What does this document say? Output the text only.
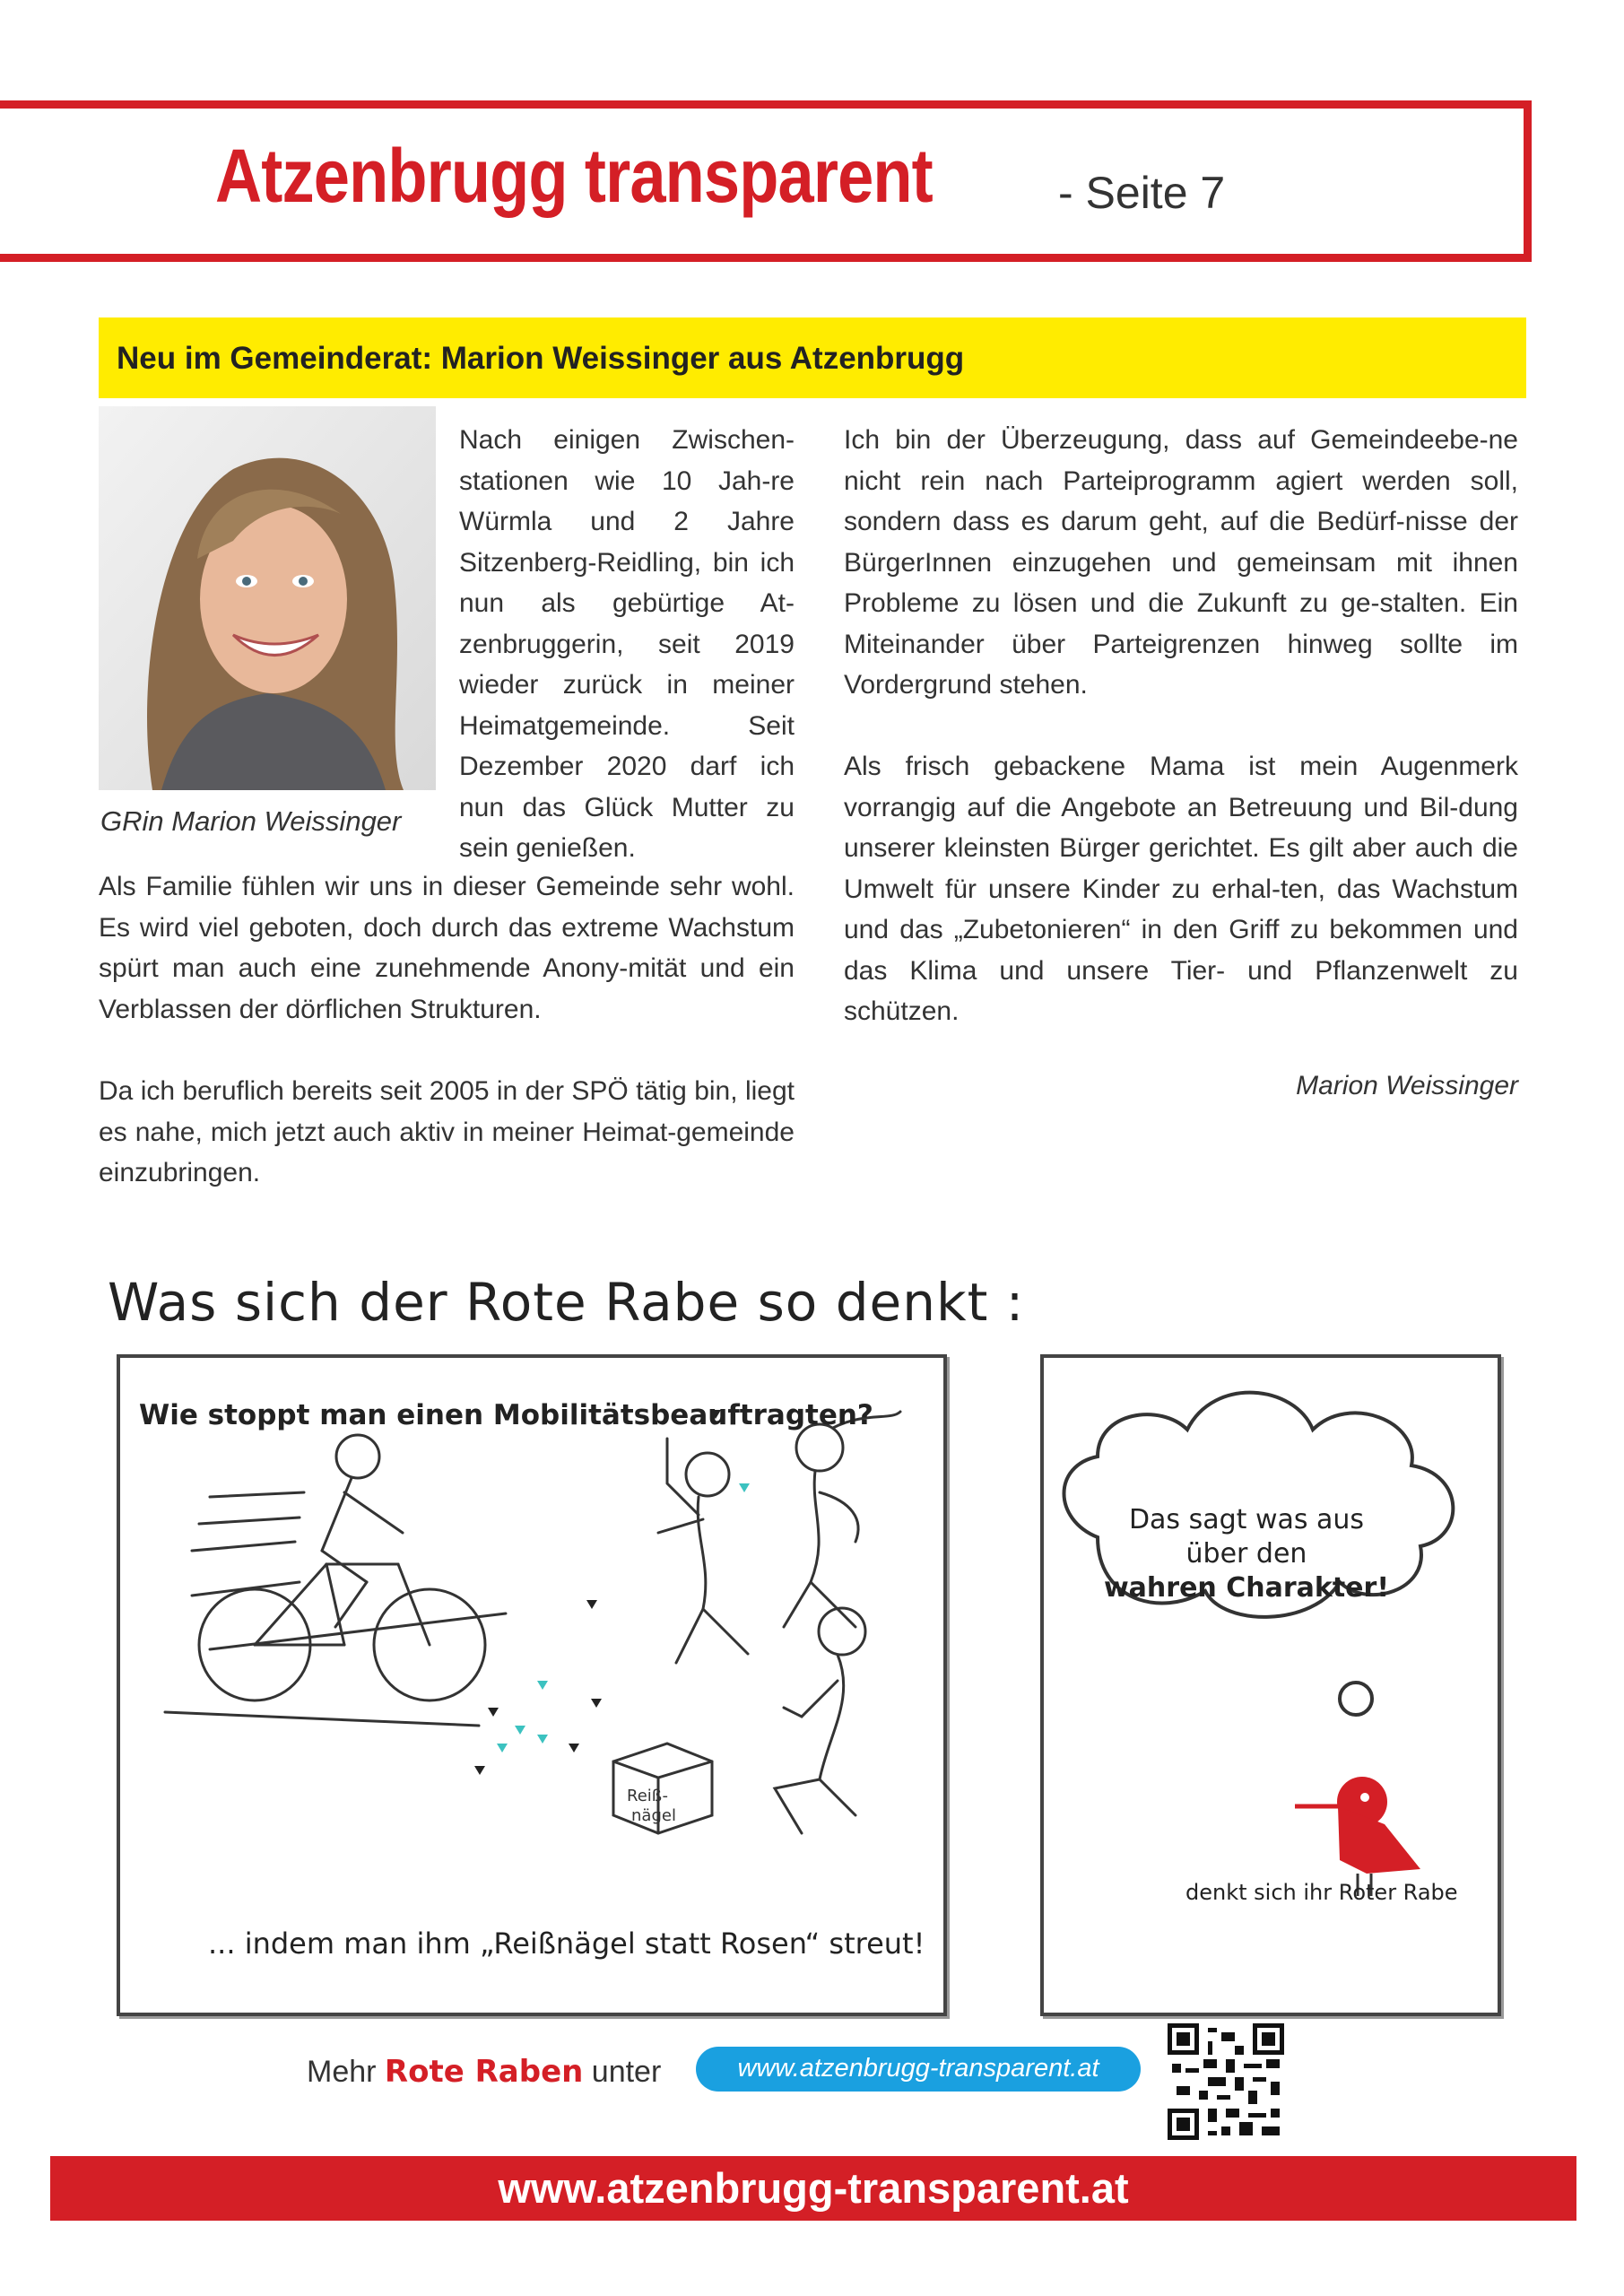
Atzenbrugg transparent	- Seite 7
Neu im Gemeinderat: Marion Weissinger aus Atzenbrugg
GRin Marion Weissinger

Nach einigen Zwischen-stationen wie 10 Jah-re Würmla und 2 Jahre Sitzenberg-Reidling, bin ich nun als gebürtige At-zenbruggerin, seit 2019 wieder zurück in meiner Heimatgemeinde. Seit Dezember 2020 darf ich nun das Glück Mutter zu sein genießen.

Als Familie fühlen wir uns in dieser Gemeinde sehr wohl. Es wird viel geboten, doch durch das extreme Wachstum spürt man auch eine zunehmende Anony-mität und ein Verblassen der dörflichen Strukturen.

Da ich beruflich bereits seit 2005 in der SPÖ tätig bin, liegt es nahe, mich jetzt auch aktiv in meiner Heimat-gemeinde einzubringen.

Ich bin der Überzeugung, dass auf Gemeindeebe-ne nicht rein nach Parteiprogramm agiert werden soll, sondern dass es darum geht, auf die Bedürf-nisse der BürgerInnen einzugehen und gemeinsam mit ihnen Probleme zu lösen und die Zukunft zu ge-stalten. Ein Miteinander über Parteigrenzen hinweg sollte im Vordergrund stehen.

Als frisch gebackene Mama ist mein Augenmerk vorrangig auf die Angebote an Betreuung und Bil-dung unserer kleinsten Bürger gerichtet. Es gilt aber auch die Umwelt für unsere Kinder zu erhal-ten, das Wachstum und das „Zubetonieren“ in den Griff zu bekommen und das Klima und unsere Tier- und Pflanzenwelt zu schützen.

Marion Weissinger
Was sich der Rote Rabe so denkt :
Reiß-
nägel
Wie stoppt man einen Mobilitätsbeauftragten?
... indem man ihm „Reißnägel statt Rosen“ streut!
Das sagt was aus
über den
wahren Charakter!
denkt sich ihr Roter Rabe
Mehr Rote Raben unter	www.atzenbrugg-transparent.at
www.atzenbrugg-transparent.at
